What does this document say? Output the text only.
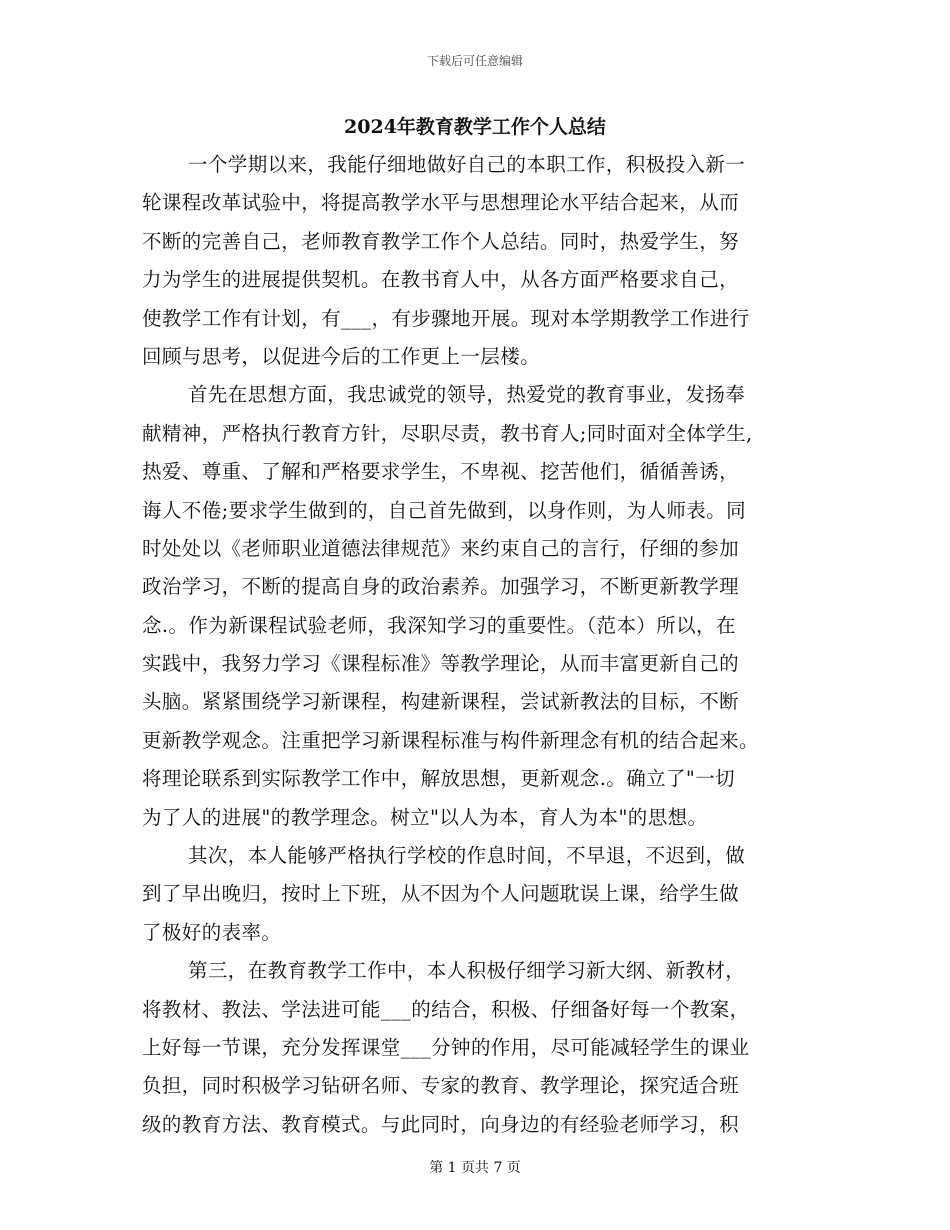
下载后可任意编辑
2024年教育教学工作个人总结
一个学期以来，我能仔细地做好自己的本职工作，积极投入新一
轮课程改革试验中，将提高教学水平与思想理论水平结合起来，从而
不断的完善自己，老师教育教学工作个人总结。同时，热爱学生，努
力为学生的进展提供契机。在教书育人中，从各方面严格要求自己，
使教学工作有计划，有___，有步骤地开展。现对本学期教学工作进行
回顾与思考，以促进今后的工作更上一层楼。
首先在思想方面，我忠诚党的领导，热爱党的教育事业，发扬奉
献精神，严格执行教育方针，尽职尽责，教书育人;同时面对全体学生,
热爱、尊重、了解和严格要求学生，不卑视、挖苦他们，循循善诱，
诲人不倦;要求学生做到的，自己首先做到，以身作则，为人师表。同
时处处以《老师职业道德法律规范》来约束自己的言行，仔细的参加
政治学习，不断的提高自身的政治素养。加强学习，不断更新教学理
念.。作为新课程试验老师，我深知学习的重要性。（范本）所以，在
实践中，我努力学习《课程标准》等教学理论，从而丰富更新自己的
头脑。紧紧围绕学习新课程，构建新课程，尝试新教法的目标，不断
更新教学观念。注重把学习新课程标准与构件新理念有机的结合起来。
将理论联系到实际教学工作中，解放思想，更新观念.。确立了"一切
为了人的进展"的教学理念。树立"以人为本，育人为本"的思想。
其次，本人能够严格执行学校的作息时间，不早退，不迟到，做
到了早出晚归，按时上下班，从不因为个人问题耽误上课，给学生做
了极好的表率。
第三，在教育教学工作中，本人积极仔细学习新大纲、新教材，
将教材、教法、学法进可能___的结合，积极、仔细备好每一个教案，
上好每一节课，充分发挥课堂___分钟的作用，尽可能减轻学生的课业
负担，同时积极学习钻研名师、专家的教育、教学理论，探究适合班
级的教育方法、教育模式。与此同时，向身边的有经验老师学习，积
第 1 页共 7 页
